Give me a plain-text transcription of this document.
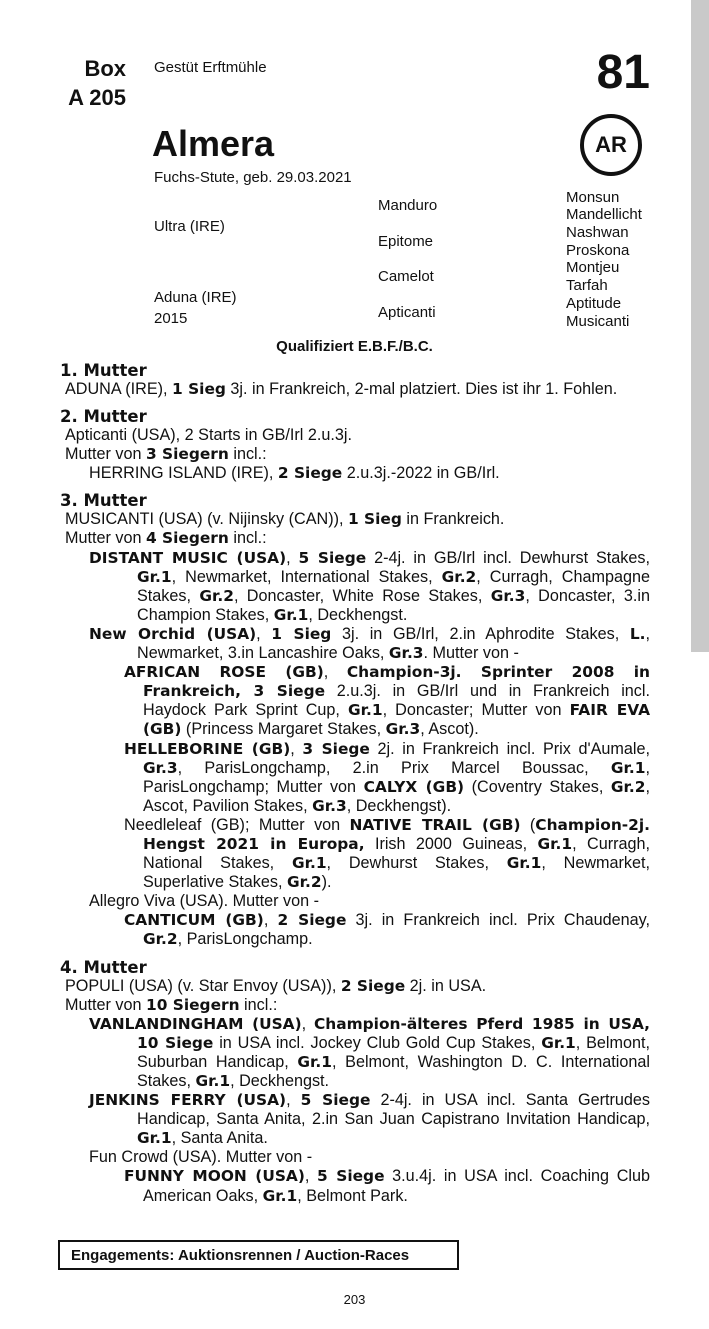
Box
A 205
Gestüt Erftmühle	81
AR
Almera
Fuchs-Stute, geb. 29.03.2021
Ultra (IRE)
Aduna (IRE)
2015
Manduro
Epitome
Camelot
Apticanti
Monsun
Mandellicht
Nashwan
Proskona
Montjeu
Tarfah
Aptitude
Musicanti
Qualifiziert E.B.F./B.C.
1. Mutter
ADUNA (IRE), 1 Sieg 3j. in Frankreich, 2-mal platziert. Dies ist ihr 1. Fohlen.
2. Mutter
Apticanti (USA), 2 Starts in GB/Irl 2.u.3j.
Mutter von 3 Siegern incl.:
HERRING ISLAND (IRE), 2 Siege 2.u.3j.-2022 in GB/Irl.
3. Mutter
MUSICANTI (USA) (v. Nijinsky (CAN)), 1 Sieg in Frankreich.
Mutter von 4 Siegern incl.:
DISTANT MUSIC (USA), 5 Siege 2-4j. in GB/Irl incl. Dewhurst Stakes, Gr.1, Newmarket, International Stakes, Gr.2, Curragh, Champagne Stakes, Gr.2, Doncaster, White Rose Stakes, Gr.3, Doncaster, 3.in Champion Stakes, Gr.1, Deckhengst.
New Orchid (USA), 1 Sieg 3j. in GB/Irl, 2.in Aphrodite Stakes, L., Newmarket, 3.in Lancashire Oaks, Gr.3. Mutter von -
AFRICAN ROSE (GB), Champion-3j. Sprinter 2008 in Frankreich, 3 Siege 2.u.3j. in GB/Irl und in Frankreich incl. Haydock Park Sprint Cup, Gr.1, Doncaster; Mutter von FAIR EVA (GB) (Princess Margaret Stakes, Gr.3, Ascot).
HELLEBORINE (GB), 3 Siege 2j. in Frankreich incl. Prix d'Aumale, Gr.3, ParisLongchamp, 2.in Prix Marcel Boussac, Gr.1, ParisLongchamp; Mutter von CALYX (GB) (Coventry Stakes, Gr.2, Ascot, Pavilion Stakes, Gr.3, Deckhengst).
Needleleaf (GB); Mutter von NATIVE TRAIL (GB) (Champion-2j. Hengst 2021 in Europa, Irish 2000 Guineas, Gr.1, Curragh, National Stakes, Gr.1, Dewhurst Stakes, Gr.1, Newmarket, Superlative Stakes, Gr.2).
Allegro Viva (USA). Mutter von -
CANTICUM (GB), 2 Siege 3j. in Frankreich incl. Prix Chaudenay, Gr.2, ParisLongchamp.
4. Mutter
POPULI (USA) (v. Star Envoy (USA)), 2 Siege 2j. in USA.
Mutter von 10 Siegern incl.:
VANLANDINGHAM (USA), Champion-älteres Pferd 1985 in USA, 10 Siege in USA incl. Jockey Club Gold Cup Stakes, Gr.1, Belmont, Suburban Handicap, Gr.1, Belmont, Washington D. C. International Stakes, Gr.1, Deckhengst.
JENKINS FERRY (USA), 5 Siege 2-4j. in USA incl. Santa Gertrudes Handicap, Santa Anita, 2.in San Juan Capistrano Invitation Handicap, Gr.1, Santa Anita.
Fun Crowd (USA). Mutter von -
FUNNY MOON (USA), 5 Siege 3.u.4j. in USA incl. Coaching Club American Oaks, Gr.1, Belmont Park.
Engagements: Auktionsrennen / Auction-Races
203
